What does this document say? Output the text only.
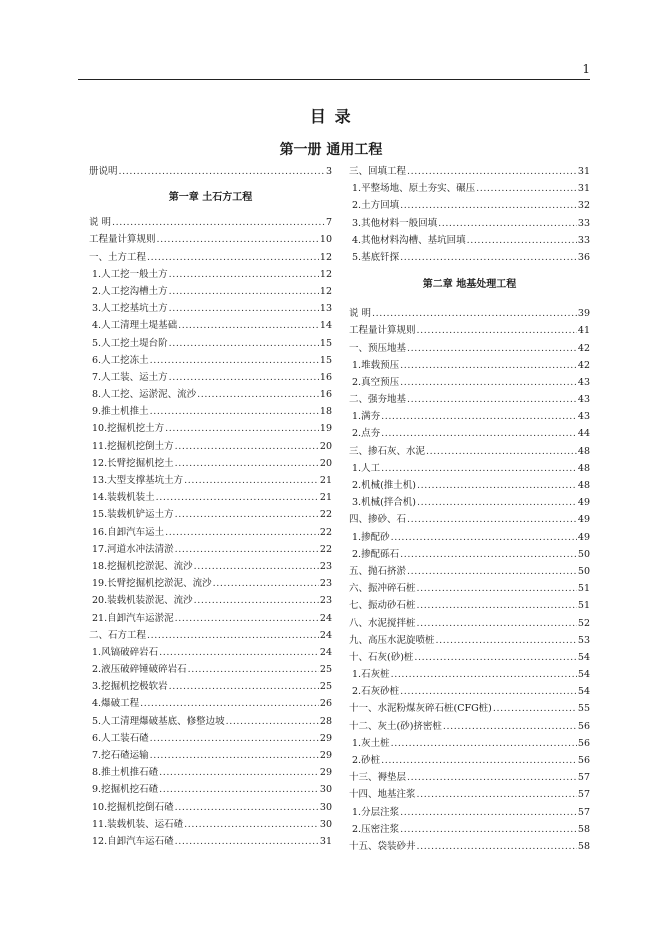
1
目 录
第一册 通用工程
册说明 .....	3
第一章 土石方工程
说 明 .....	7
工程量计算规则 .....	10
一、土方工程 .....	12
1.人工挖一般土方 .....	12
2.人工挖沟槽土方 .....	12
3.人工挖基坑土方 .....	13
4.人工清理土堤基础 .....	14
5.人工挖土堤台阶 .....	15
6.人工挖冻土 .....	15
7.人工装、运土方 .....	16
8.人工挖、运淤泥、流沙 .....	16
9.推土机推土 .....	18
10.挖掘机挖土方 .....	19
11.挖掘机挖倒土方 .....	20
12.长臂挖掘机挖土 .....	20
13.大型支撑基坑土方 .....	21
14.装载机装土 .....	21
15.装载机铲运土方 .....	22
16.自卸汽车运土 .....	22
17.河道水冲法清淤 .....	22
18.挖掘机挖淤泥、流沙 .....	23
19.长臂挖掘机挖淤泥、流沙 .....	23
20.装载机装淤泥、流沙 .....	23
21.自卸汽车运淤泥 .....	24
二、石方工程 .....	24
1.风镐破碎岩石 .....	24
2.液压破碎锤破碎岩石 .....	25
3.挖掘机挖极软岩 .....	25
4.爆破工程 .....	26
5.人工清理爆破基底、修整边坡 .....	28
6.人工装石碴 .....	29
7.挖石碴运输 .....	29
8.推土机推石碴 .....	29
9.挖掘机挖石碴 .....	30
10.挖掘机挖倒石碴 .....	30
11.装载机装、运石碴 .....	30
12.自卸汽车运石碴 .....	31
三、回填工程 .....	31
1.平整场地、原土夯实、碾压 .....	31
2.土方回填 .....	32
3.其他材料一般回填 .....	33
4.其他材料沟槽、基坑回填 .....	33
5.基底钎探 .....	36
第二章 地基处理工程
说 明 .....	39
工程量计算规则 .....	41
一、预压地基 .....	42
1.堆载预压 .....	42
2.真空预压 .....	43
二、强夯地基 .....	43
1.满夯 .....	43
2.点夯 .....	44
三、掺石灰、水泥 .....	48
1.人工 .....	48
2.机械(推土机) .....	48
3.机械(拌合机) .....	49
四、掺砂、石 .....	49
1.掺配砂 .....	49
2.掺配砾石 .....	50
五、抛石挤淤 .....	50
六、振冲碎石桩 .....	51
七、振动砂石桩 .....	51
八、水泥搅拌桩 .....	52
九、高压水泥旋喷桩 .....	53
十、石灰(砂)桩 .....	54
1.石灰桩 .....	54
2.石灰砂桩 .....	54
十一、水泥粉煤灰碎石桩(CFG桩) .....	55
十二、灰土(砂)挤密桩 .....	56
1.灰土桩 .....	56
2.砂桩 .....	56
十三、褥垫层 .....	57
十四、地基注浆 .....	57
1.分层注浆 .....	57
2.压密注浆 .....	58
十五、袋装砂井 .....	58
